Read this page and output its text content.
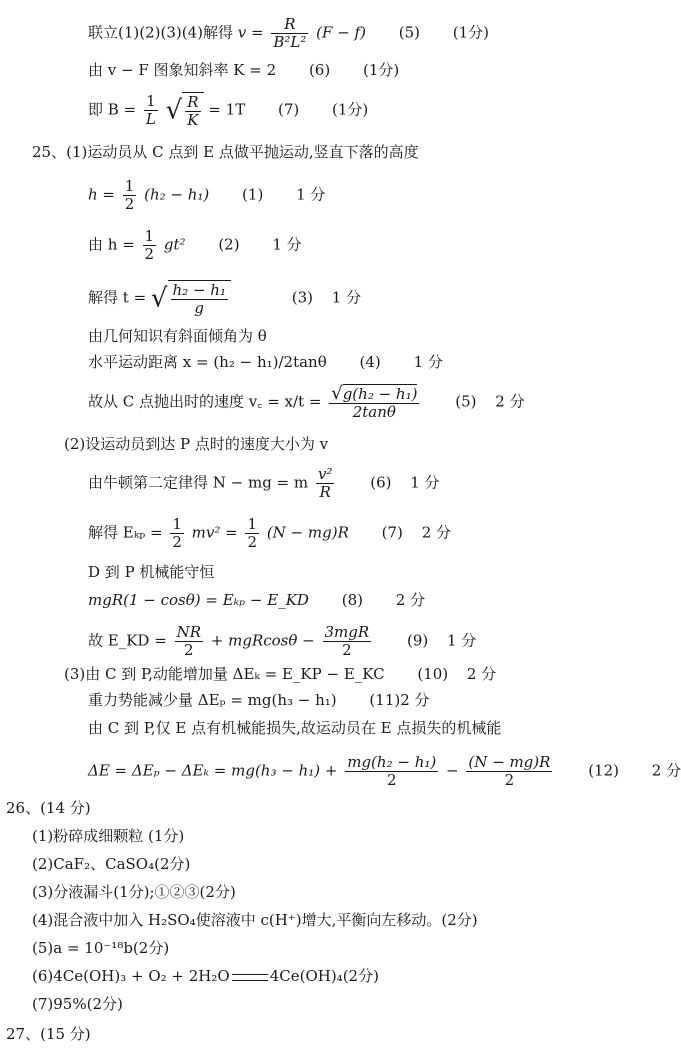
联立(1)(2)(3)(4)解得 $v = \frac{R}{\text{B²L²}} (F - f)$ (5) (1分)
由 v − F 图象知斜率 K = 2 (6) (1分)
即 $B = \frac{1}{L}$ √ $\frac{R}{K} = 1T$ (7) (1分)
25、(1)运动员从 C 点到 E 点做平抛运动,竖直下落的高度
$h = \frac{1}{2} (h_2 - h_1)$ (1) 1 分
由 $h = \frac{1}{2} gt^2$ (2) 1 分
解得 t = √ $\frac{\text{h₂ − h₁}}{g}$	(3) 1 分
由几何知识有斜面倾角为 θ
水平运动距离 x = (h₂ − h₁)/2tanθ (4) 1 分
故从 C 点抛出时的速度 v꜀ = $x/t = \frac{\text{√g(h₂ − h₁)}}{2\tan\theta} (5)$ 2 分
(2)设运动员到达 P 点时的速度大小为 v
由牛顿第二定律得 N − mg = m $\frac{\text{v²}}{R} (6)$ 1 分
解得 $E_{kp} = \frac{1}{2} mv^2 = \frac{1}{2} (N - mg)R$ (7) 2 分
D 到 P 机械能守恒
mgR(1 − cosθ) = Eₖₚ − E_KD (8) 2 分
故 E_KD = $\frac{NR}{2} + mgRcos\theta - \frac{\text{3mgR}}{2} (9)$ 1 分
(3)由 C 到 P,动能增加量 ΔEₖ = E_KP − E_KC (10) 2 分
重力势能减少量 ΔEₚ = mg(h₃ − h₁) (11)2 分
由 C 到 P,仅 E 点有机械能损失,故运动员在 E 点损失的机械能
$\Delta E = \Delta E_p - \Delta E_k = mg(h_3 - h_1) + \frac{\text{mg(h₂ − h₁)}}{2} - \frac{(N - mg)R}{2} (12)$ 2 分
26、(14 分)
(1)粉碎成细颗粒 (1分)
(2)CaF₂、CaSO₄(2分)
(3)分液漏斗(1分);①②③(2分)
(4)混合液中加入 H₂SO₄使溶液中 c(H⁺)增大,平衡向左移动。(2分)
(5)a = 10⁻¹⁸b(2分)
(6)4Ce(OH)₃ + O₂ + 2H₂O	4Ce(OH)₄(2分)
(7)95%(2分)
27、(15 分)
